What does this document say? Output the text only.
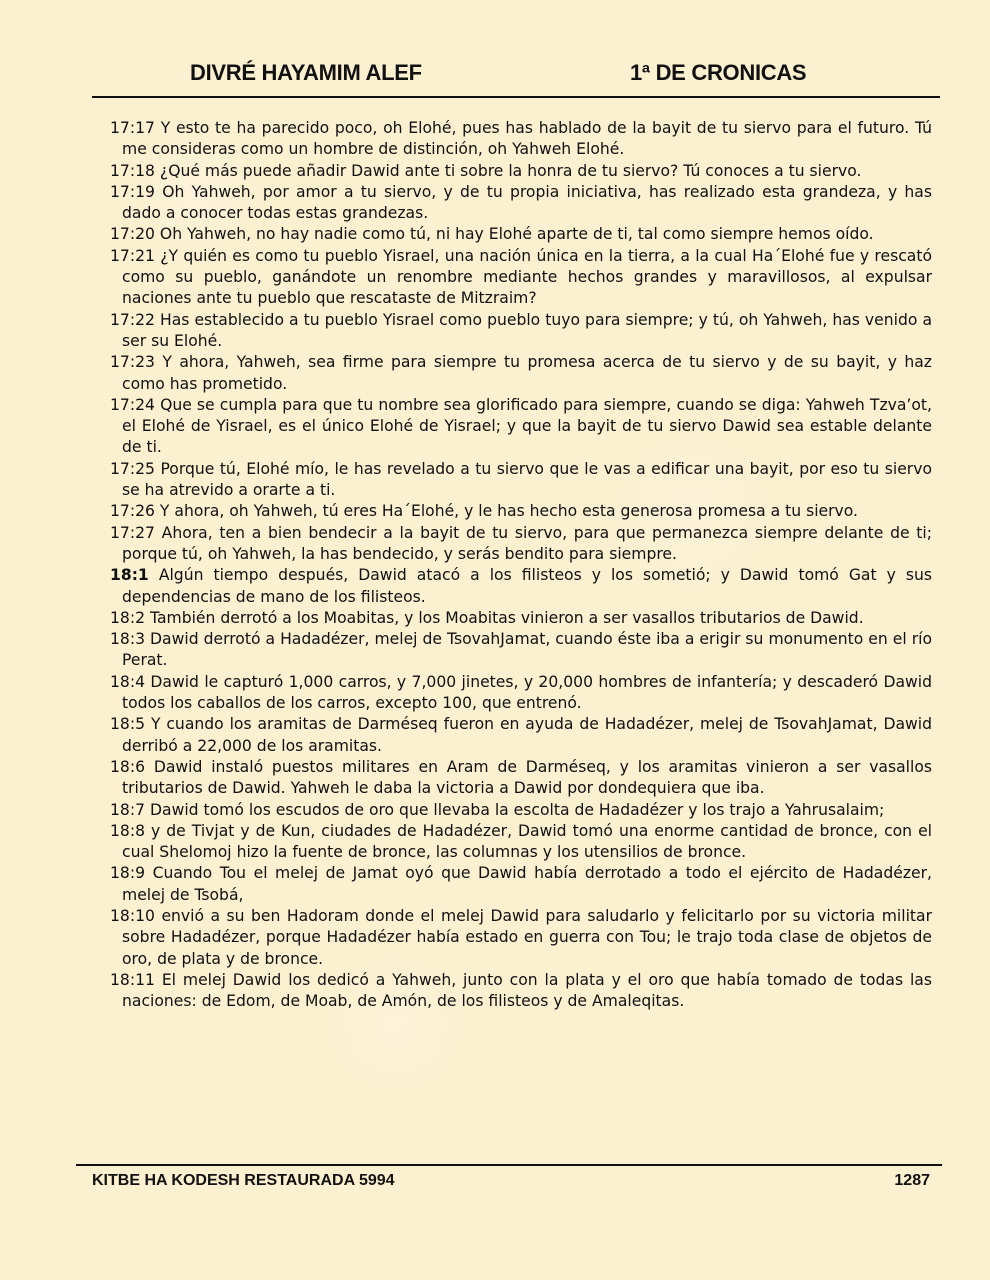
DIVRÉ HAYAMIM ALEF	1ª DE CRONICAS

17:17 Y esto te ha parecido poco, oh Elohé, pues has hablado de la bayit de tu siervo para el futuro. Tú me consideras como un hombre de distinción, oh Yahweh Elohé.

17:18 ¿Qué más puede añadir Dawid ante ti sobre la honra de tu siervo? Tú conoces a tu siervo.

17:19 Oh Yahweh, por amor a tu siervo, y de tu propia iniciativa, has realizado esta grandeza, y has dado a conocer todas estas grandezas.

17:20 Oh Yahweh, no hay nadie como tú, ni hay Elohé aparte de ti, tal como siempre hemos oído.

17:21 ¿Y quién es como tu pueblo Yisrael, una nación única en la tierra, a la cual Ha´Elohé fue y rescató como su pueblo, ganándote un renombre mediante hechos grandes y maravillosos, al expulsar naciones ante tu pueblo que rescataste de Mitzraim?

17:22 Has establecido a tu pueblo Yisrael como pueblo tuyo para siempre; y tú, oh Yahweh, has venido a ser su Elohé.

17:23 Y ahora, Yahweh, sea firme para siempre tu promesa acerca de tu siervo y de su bayit, y haz como has prometido.

17:24 Que se cumpla para que tu nombre sea glorificado para siempre, cuando se diga: Yahweh Tzva’ot, el Elohé de Yisrael, es el único Elohé de Yisrael; y que la bayit de tu siervo Dawid sea estable delante de ti.

17:25 Porque tú, Elohé mío, le has revelado a tu siervo que le vas a edificar una bayit, por eso tu siervo se ha atrevido a orarte a ti.

17:26 Y ahora, oh Yahweh, tú eres Ha´Elohé, y le has hecho esta generosa promesa a tu siervo.

17:27 Ahora, ten a bien bendecir a la bayit de tu siervo, para que permanezca siempre delante de ti; porque tú, oh Yahweh, la has bendecido, y serás bendito para siempre.

18:1 Algún tiempo después, Dawid atacó a los filisteos y los sometió; y Dawid tomó Gat y sus dependencias de mano de los filisteos.

18:2 También derrotó a los Moabitas, y los Moabitas vinieron a ser vasallos tributarios de Dawid.

18:3 Dawid derrotó a Hadadézer, melej de TsovahJamat, cuando éste iba a erigir su monumento en el río Perat.

18:4 Dawid le capturó 1,000 carros, y 7,000 jinetes, y 20,000 hombres de infantería; y descaderó Dawid todos los caballos de los carros, excepto 100, que entrenó.

18:5 Y cuando los aramitas de Darméseq fueron en ayuda de Hadadézer, melej de TsovahJamat, Dawid derribó a 22,000 de los aramitas.

18:6 Dawid instaló puestos militares en Aram de Darméseq, y los aramitas vinieron a ser vasallos tributarios de Dawid. Yahweh le daba la victoria a Dawid por dondequiera que iba.

18:7 Dawid tomó los escudos de oro que llevaba la escolta de Hadadézer y los trajo a Yahrusalaim;

18:8 y de Tivjat y de Kun, ciudades de Hadadézer, Dawid tomó una enorme cantidad de bronce, con el cual Shelomoj hizo la fuente de bronce, las columnas y los utensilios de bronce.

18:9 Cuando Tou el melej de Jamat oyó que Dawid había derrotado a todo el ejército de Hadadézer, melej de Tsobá,

18:10 envió a su ben Hadoram donde el melej Dawid para saludarlo y felicitarlo por su victoria militar sobre Hadadézer, porque Hadadézer había estado en guerra con Tou; le trajo toda clase de objetos de oro, de plata y de bronce.

18:11 El melej Dawid los dedicó a Yahweh, junto con la plata y el oro que había tomado de todas las naciones: de Edom, de Moab, de Amón, de los filisteos y de Amaleqitas.

KITBE HA KODESH RESTAURADA 5994	1287
